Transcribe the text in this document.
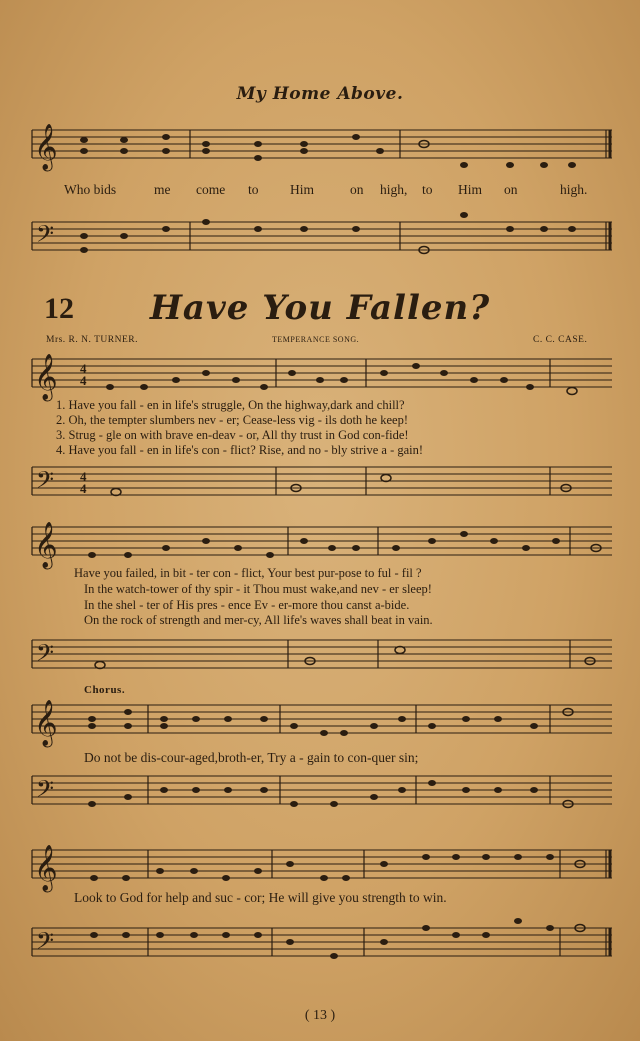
𝄞
𝄢
𝄞 4
4
𝄢 4
4
𝄞
𝄢
𝄞
𝄢
𝄞
𝄢
My Home Above.
Who bids	me come to Him	on high, to Him on	high.
12	Have You Fallen?
Mrs. R. N. TURNER.	TEMPERANCE SONG.	C. C. CASE.
1. Have you fall - en in life's struggle, On the highway,dark and chill?
2. Oh, the tempter slumbers nev - er; Cease-less vig - ils doth he keep!
3. Strug - gle on with brave en-deav - or, All thy trust in God con-fide!
4. Have you fall - en in life's con - flict? Rise, and no - bly strive a - gain!
Have you failed, in bit - ter con - flict, Your best pur-pose to ful - fil ?
In the watch-tower of thy spir - it Thou must wake,and nev - er sleep!
In the shel - ter of His pres - ence Ev - er-more thou canst a-bide.
On the rock of strength and mer-cy, All life's waves shall beat in vain.
Chorus.
Do not be dis-cour-aged,broth-er, Try a - gain to con-quer sin;
Look to God for help and suc - cor; He will give you strength to win.
( 13 )
